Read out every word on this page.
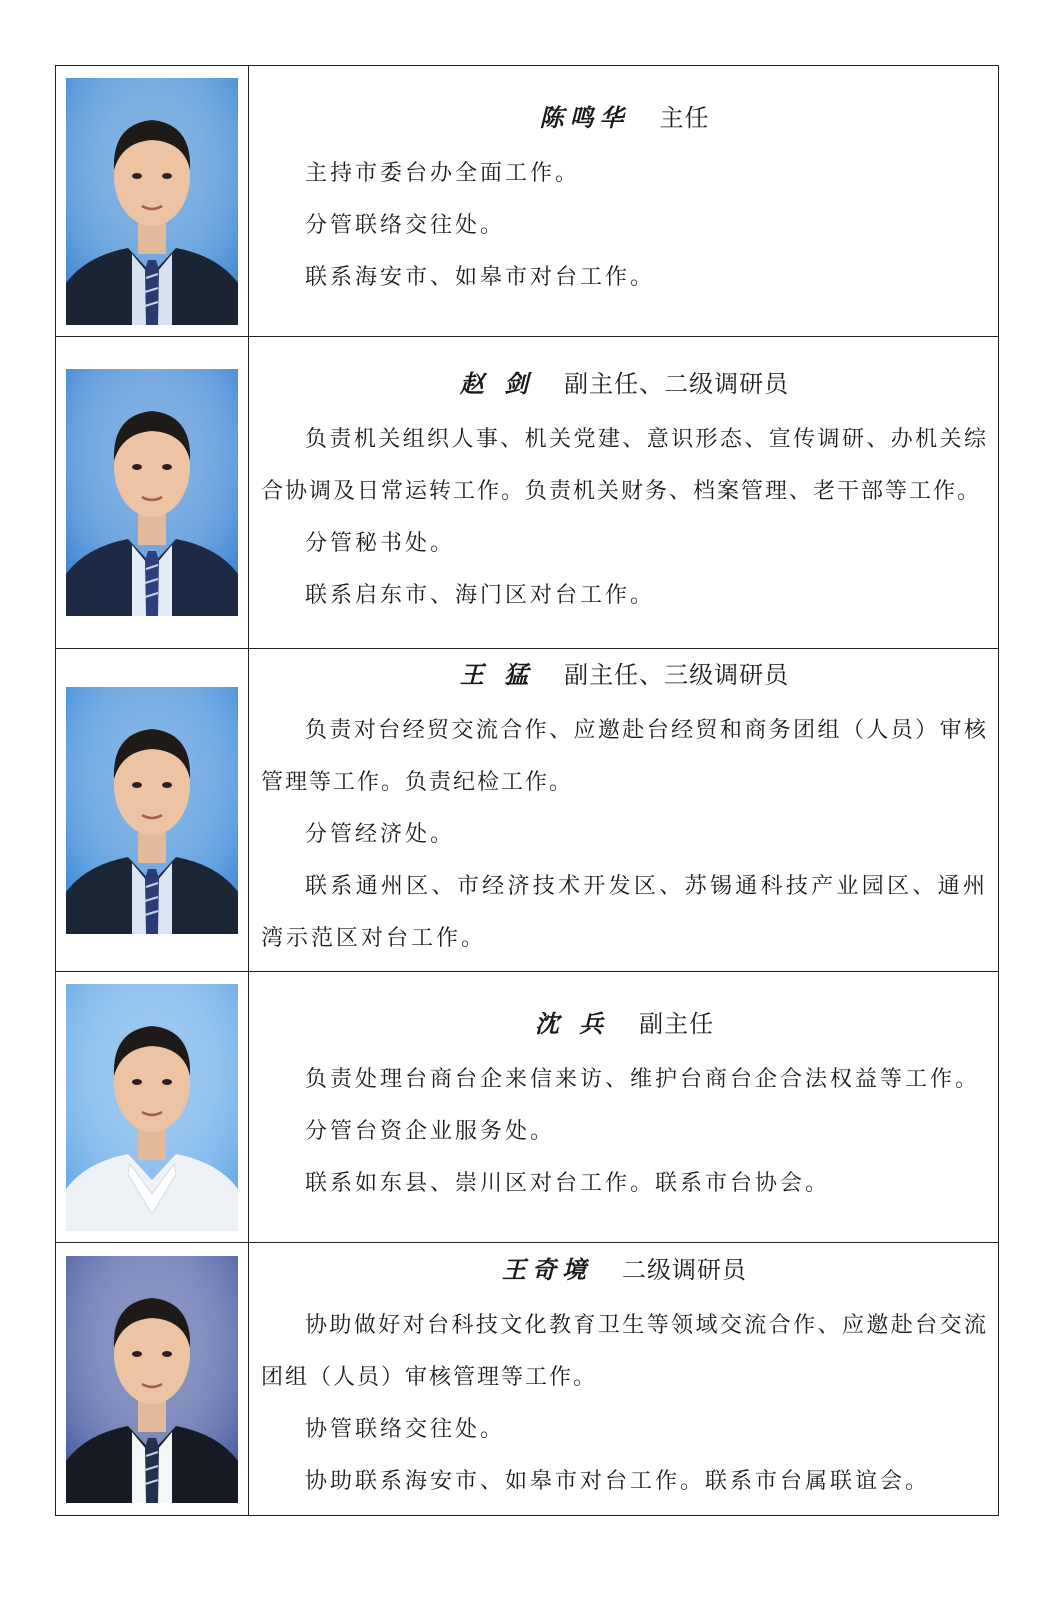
陈鸣华 主任

主持市委台办全面工作。

分管联络交往处。

联系海安市、如皋市对台工作。

赵 剑 副主任、二级调研员

负责机关组织人事、机关党建、意识形态、宣传调研、办机关综合协调及日常运转工作。负责机关财务、档案管理、老干部等工作。

分管秘书处。

联系启东市、海门区对台工作。

王 猛 副主任、三级调研员

负责对台经贸交流合作、应邀赴台经贸和商务团组（人员）审核管理等工作。负责纪检工作。

分管经济处。

联系通州区、市经济技术开发区、苏锡通科技产业园区、通州湾示范区对台工作。

沈 兵 副主任

负责处理台商台企来信来访、维护台商台企合法权益等工作。

分管台资企业服务处。

联系如东县、崇川区对台工作。联系市台协会。

王奇境 二级调研员

协助做好对台科技文化教育卫生等领域交流合作、应邀赴台交流团组（人员）审核管理等工作。

协管联络交往处。

协助联系海安市、如皋市对台工作。联系市台属联谊会。
